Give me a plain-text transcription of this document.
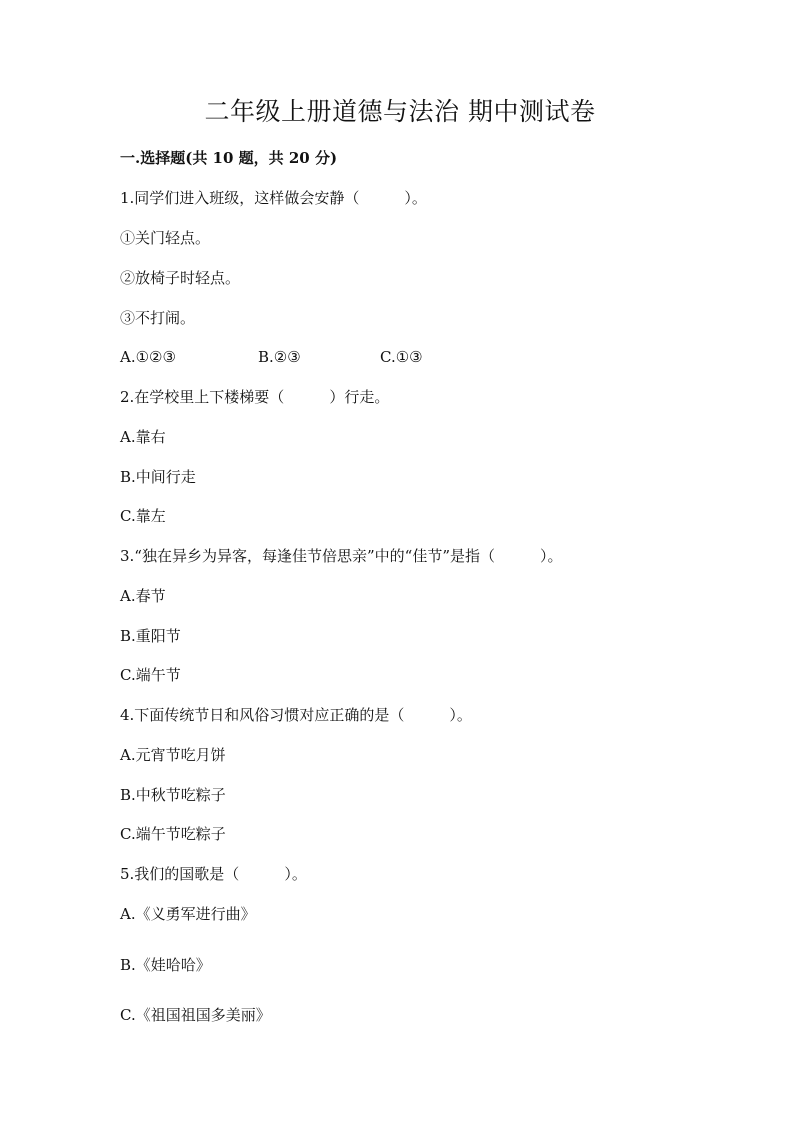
二年级上册道德与法治 期中测试卷
一.选择题(共 10 题，共 20 分)
1.同学们进入班级，这样做会安静（　　　）。
①关门轻点。
②放椅子时轻点。
③不打闹。
A.①②③	B.②③	C.①③
2.在学校里上下楼梯要（　　　）行走。
A.靠右
B.中间行走
C.靠左
3.“独在异乡为异客，每逢佳节倍思亲”中的“佳节”是指（　　　）。
A.春节
B.重阳节
C.端午节
4.下面传统节日和风俗习惯对应正确的是（　　　）。
A.元宵节吃月饼
B.中秋节吃粽子
C.端午节吃粽子
5.我们的国歌是（　　　）。
A.《义勇军进行曲》
B.《娃哈哈》
C.《祖国祖国多美丽》
